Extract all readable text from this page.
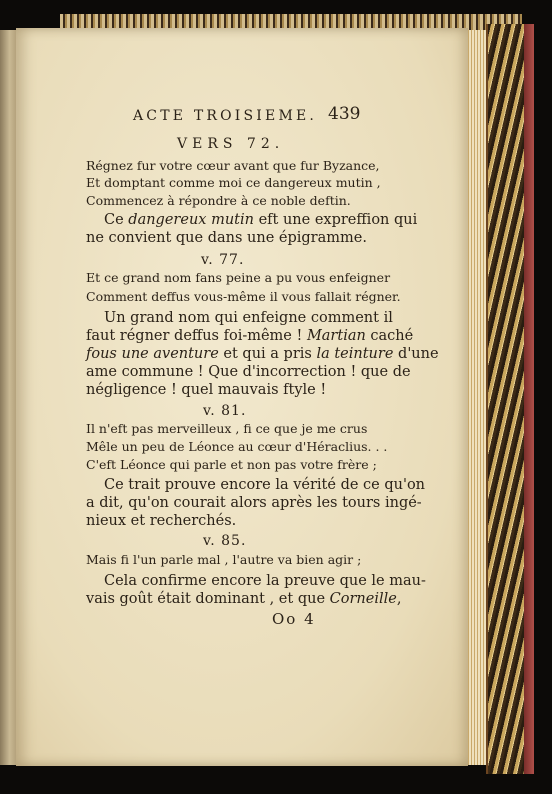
ACTE TROISIEME. 439
VERS 72.
Régnez fur votre cœur avant que fur Byzance,
Et domptant comme moi ce dangereux mutin ,
Commencez à répondre à ce noble deftin.
Ce dangereux mutin eft une expreffion qui
ne convient que dans une épigramme.
v. 77.
Et ce grand nom fans peine a pu vous enfeigner
Comment deffus vous-même il vous fallait régner.
Un grand nom qui enfeigne comment il
faut régner deffus foi-même ! Martian caché
fous une aventure et qui a pris la teinture d'une
ame commune ! Que d'incorrection ! que de
négligence ! quel mauvais ftyle !
v. 81.
Il n'eft pas merveilleux , fi ce que je me crus
Mêle un peu de Léonce au cœur d'Héraclius. . .
C'eft Léonce qui parle et non pas votre frère ;
Ce trait prouve encore la vérité de ce qu'on
a dit, qu'on courait alors après les tours ingé-
nieux et recherchés.
v. 85.
Mais fi l'un parle mal , l'autre va bien agir ;
Cela confirme encore la preuve que le mau-
vais goût était dominant , et que Corneille,
Oo 4
